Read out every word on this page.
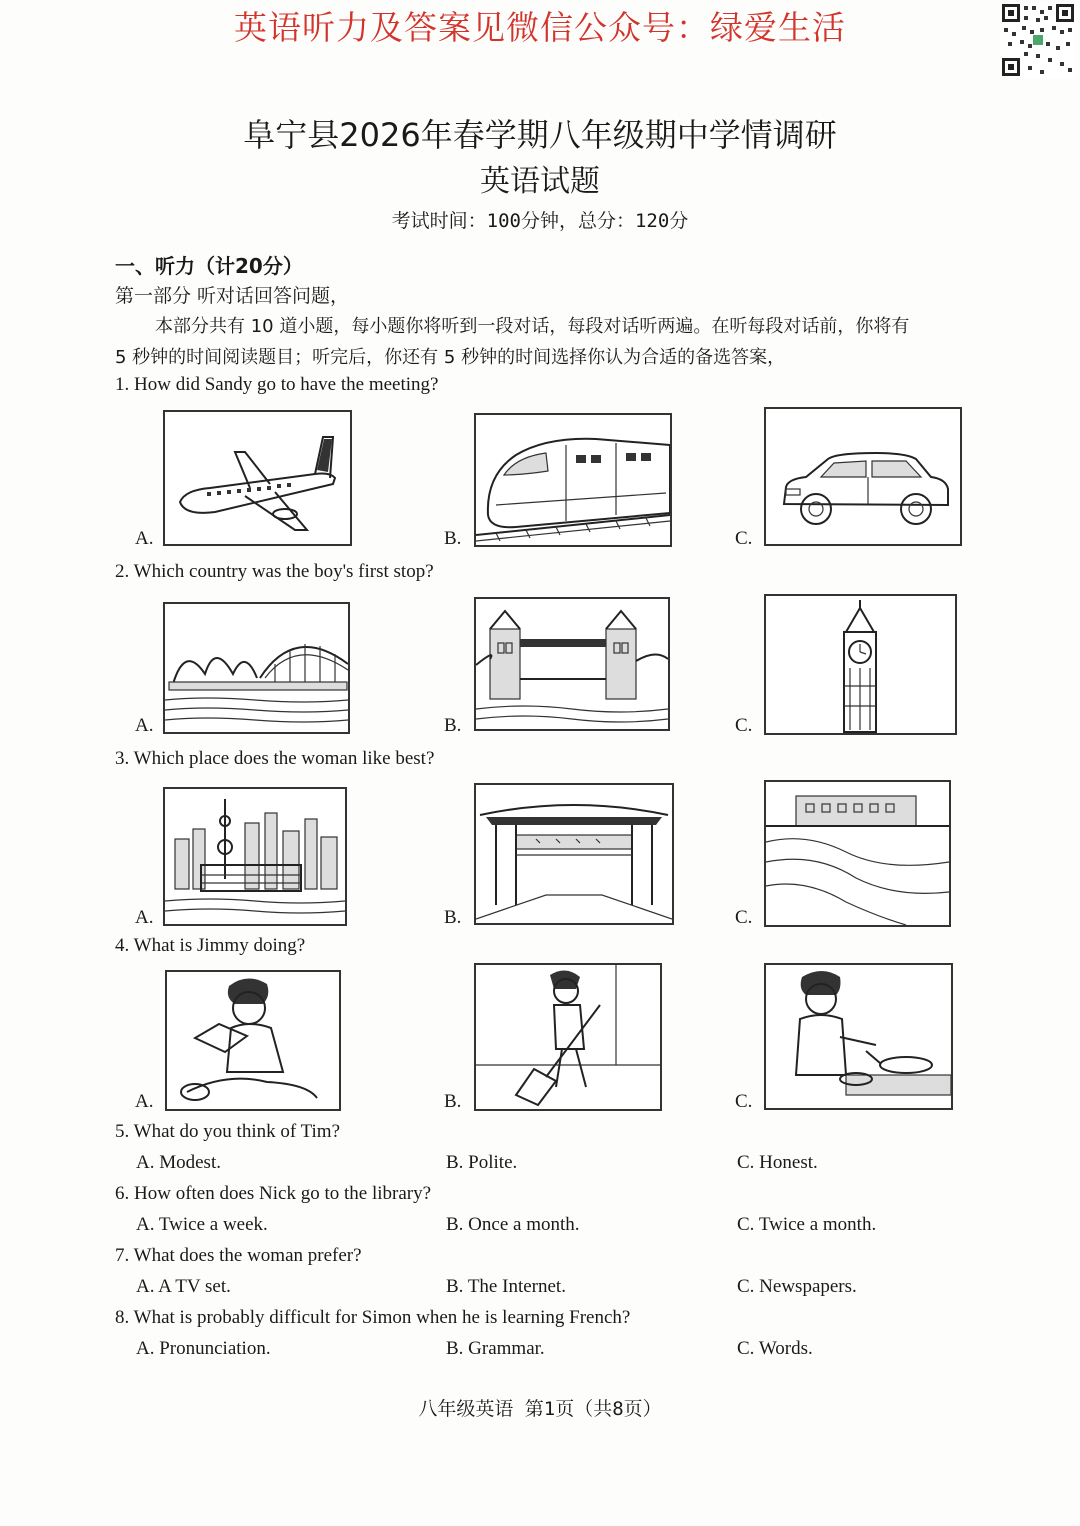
英语听力及答案见微信公众号：绿爱生活
阜宁县2026年春学期八年级期中学情调研
英语试题
考试时间：100分钟，总分：120分
一、听力（计20分）
第一部分 听对话回答问题，
本部分共有 10 道小题，每小题你将听到一段对话，每段对话听两遍。在听每段对话前，你将有
5 秒钟的时间阅读题目；听完后，你还有 5 秒钟的时间选择你认为合适的备选答案，
1. How did Sandy go to have the meeting?
A.	B.	C.
2. Which country was the boy's first stop?
A.	B.	C.
3. Which place does the woman like best?
A.	B.	C.
4. What is Jimmy doing?
A.	B.	C.
5. What do you think of Tim?
A. Modest.	B. Polite.	C. Honest.
6. How often does Nick go to the library?
A. Twice a week.	B. Once a month.	C. Twice a month.
7. What does the woman prefer?
A. A TV set.	B. The Internet.	C. Newspapers.
8. What is probably difficult for Simon when he is learning French?
A. Pronunciation.	B. Grammar.	C. Words.
八年级英语 第1页（共8页）
